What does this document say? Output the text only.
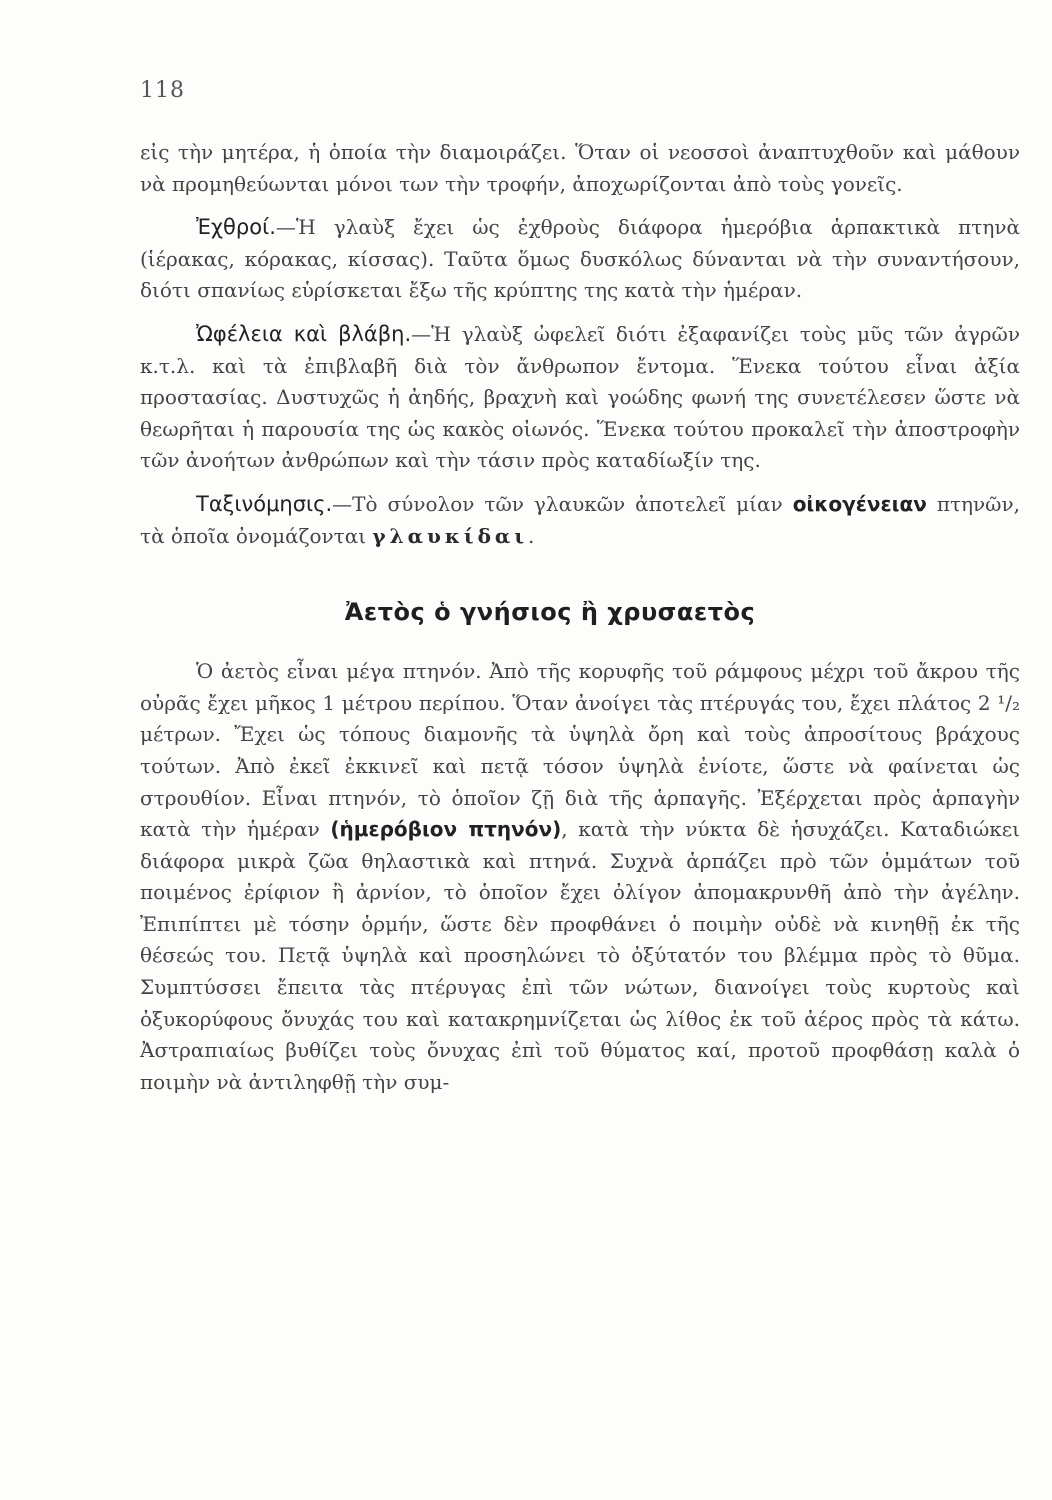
118

εἰς τὴν μητέρα, ἡ ὁποία τὴν διαμοιράζει. Ὅταν οἱ νεοσσοὶ ἀναπτυχθοῦν καὶ μάθουν νὰ προμηθεύωνται μόνοι των τὴν τροφήν, ἀποχωρίζονται ἀπὸ τοὺς γονεῖς.

Ἐχθροί.—Ἡ γλαὺξ ἔχει ὡς ἐχθροὺς διάφορα ἡμερόβια ἁρπακτικὰ πτηνὰ (ἱέρακας, κόρακας, κίσσας). Ταῦτα ὅμως δυσκόλως δύνανται νὰ τὴν συναντήσουν, διότι σπανίως εὑρίσκεται ἔξω τῆς κρύπτης της κατὰ τὴν ἡμέραν.

Ὠφέλεια καὶ βλάβη.—Ἡ γλαὺξ ὠφελεῖ διότι ἐξαφανίζει τοὺς μῦς τῶν ἀγρῶν κ.τ.λ. καὶ τὰ ἐπιβλαβῆ διὰ τὸν ἄνθρωπον ἔντομα. Ἕνεκα τούτου εἶναι ἀξία προστασίας. Δυστυχῶς ἡ ἀηδής, βραχνὴ καὶ γοώδης φωνή της συνετέλεσεν ὥστε νὰ θεωρῆται ἡ παρουσία της ὡς κακὸς οἰωνός. Ἕνεκα τούτου προκαλεῖ τὴν ἀποστροφὴν τῶν ἀνοήτων ἀνθρώπων καὶ τὴν τάσιν πρὸς καταδίωξίν της.

Ταξινόμησις.—Τὸ σύνολον τῶν γλαυκῶν ἀποτελεῖ μίαν οἰκογένειαν πτηνῶν, τὰ ὁποῖα ὀνομάζονται γλαυκίδαι.

Ἀετὸς ὁ γνήσιος ἢ χρυσαετὸς

Ὁ ἀετὸς εἶναι μέγα πτηνόν. Ἀπὸ τῆς κορυφῆς τοῦ ράμφους μέχρι τοῦ ἄκρου τῆς οὐρᾶς ἔχει μῆκος 1 μέτρου περίπου. Ὅταν ἀνοίγει τὰς πτέρυγάς του, ἔχει πλάτος 2 ¹/₂ μέτρων. Ἔχει ὡς τόπους διαμονῆς τὰ ὑψηλὰ ὄρη καὶ τοὺς ἀπροσίτους βράχους τούτων. Ἀπὸ ἐκεῖ ἐκκινεῖ καὶ πετᾷ τόσον ὑψηλὰ ἐνίοτε, ὥστε νὰ φαίνεται ὡς στρουθίον. Εἶναι πτηνόν, τὸ ὁποῖον ζῇ διὰ τῆς ἁρπαγῆς. Ἐξέρχεται πρὸς ἁρπαγὴν κατὰ τὴν ἡμέραν (ἡμερόβιον πτηνόν), κατὰ τὴν νύκτα δὲ ἡσυχάζει. Καταδιώκει διάφορα μικρὰ ζῶα θηλαστικὰ καὶ πτηνά. Συχνὰ ἁρπάζει πρὸ τῶν ὀμμάτων τοῦ ποιμένος ἐρίφιον ἢ ἀρνίον, τὸ ὁποῖον ἔχει ὀλίγον ἀπομακρυνθῆ ἀπὸ τὴν ἀγέλην. Ἐπιπίπτει μὲ τόσην ὁρμήν, ὥστε δὲν προφθάνει ὁ ποιμὴν οὐδὲ νὰ κινηθῇ ἐκ τῆς θέσεώς του. Πετᾷ ὑψηλὰ καὶ προσηλώνει τὸ ὀξύτατόν του βλέμμα πρὸς τὸ θῦμα. Συμπτύσσει ἔπειτα τὰς πτέρυγας ἐπὶ τῶν νώτων, διανοίγει τοὺς κυρτοὺς καὶ ὀξυκορύφους ὄνυχάς του καὶ κατακρημνίζεται ὡς λίθος ἐκ τοῦ ἀέρος πρὸς τὰ κάτω. Ἀστραπιαίως βυθίζει τοὺς ὄνυχας ἐπὶ τοῦ θύματος καί, προτοῦ προφθάσῃ καλὰ ὁ ποιμὴν νὰ ἀντιληφθῇ τὴν συμ-
